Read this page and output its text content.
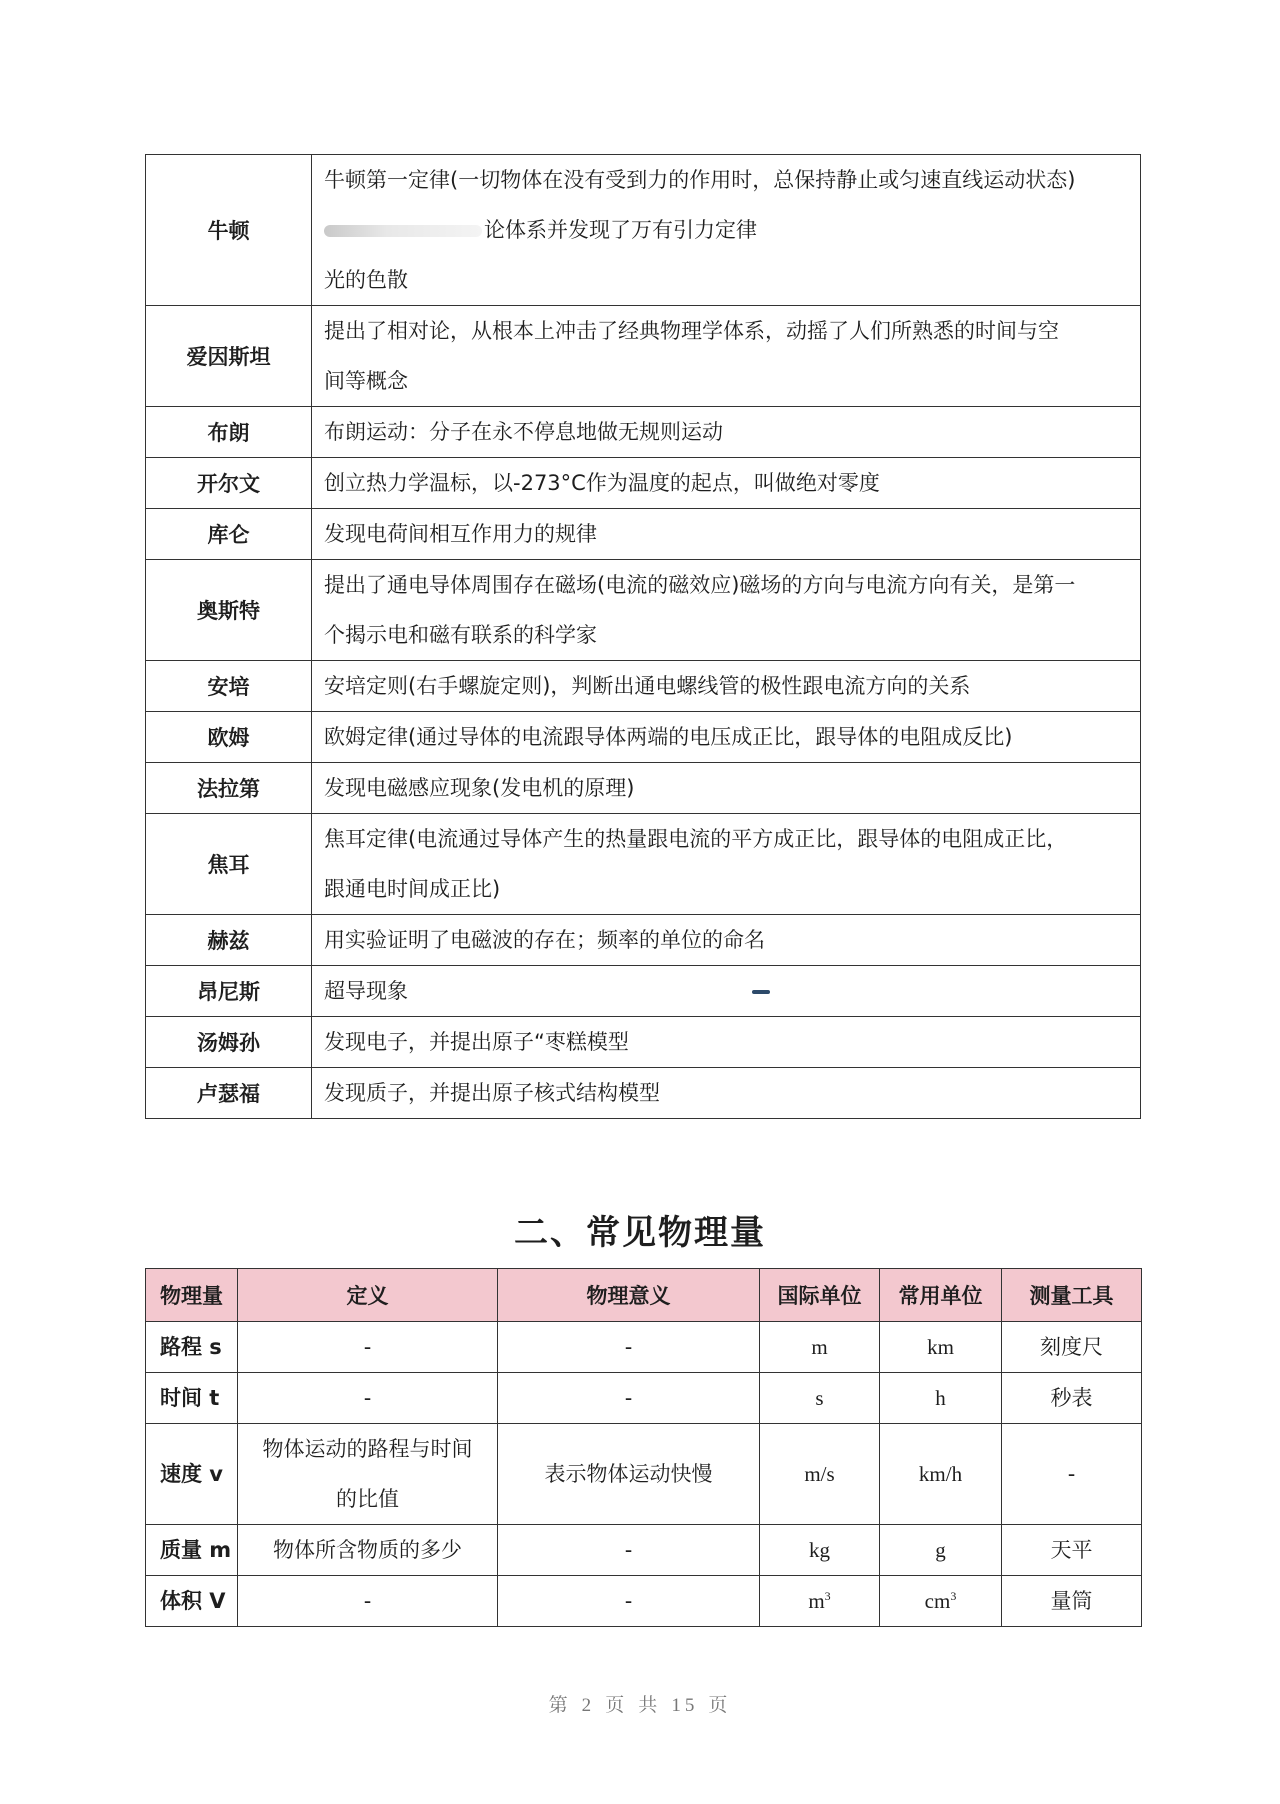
牛顿	牛顿第一定律(一切物体在没有受到力的作用时，总保持静止或匀速直线运动状态)
论体系并发现了万有引力定律
光的色散

爱因斯坦	提出了相对论，从根本上冲击了经典物理学体系，动摇了人们所熟悉的时间与空
间等概念

布朗	布朗运动：分子在永不停息地做无规则运动
开尔文	创立热力学温标，以-273°C作为温度的起点，叫做绝对零度
库仑	发现电荷间相互作用力的规律
奥斯特	提出了通电导体周围存在磁场(电流的磁效应)磁场的方向与电流方向有关，是第一
个揭示电和磁有联系的科学家

安培	安培定则(右手螺旋定则)，判断出通电螺线管的极性跟电流方向的关系
欧姆	欧姆定律(通过导体的电流跟导体两端的电压成正比，跟导体的电阻成反比)
法拉第	发现电磁感应现象(发电机的原理)
焦耳	焦耳定律(电流通过导体产生的热量跟电流的平方成正比，跟导体的电阻成正比，
跟通电时间成正比)

赫兹	用实验证明了电磁波的存在；频率的单位的命名

昂尼斯	超导现象

汤姆孙	发现电子，并提出原子“枣糕模型
卢瑟福	发现质子，并提出原子核式结构模型
二、常见物理量
物理量	定义	物理意义	国际单位	常用单位	测量工具
路程 s	-	-	m	km	刻度尺
时间 t	-	-	s	h	秒表
速度 v	物体运动的路程与时间
的比值	表示物体运动快慢	m/s	km/h	-
质量 m	物体所含物质的多少	-	kg	g	天平
体积 V	-	-	$m^3$	$cm^3$	量筒
第 2 页 共 15 页
